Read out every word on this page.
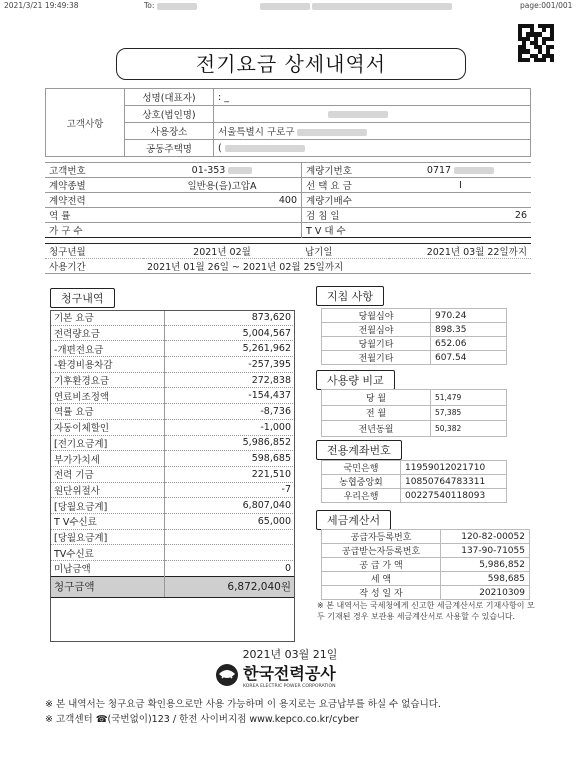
2021/3/21 19:49:38	To:
	page:001/001
전기요금 상세내역서
고객사항	성명(대표자)	: _
	상호(법인명)	
	사용장소	서울특별시 구로구
	공동주택명	(
고객번호	01-353	계량기번호	0717
계약종별	일반용(을)고압A	선 택 요 금	I
계약전력	400	계량기배수	
역 률		검 침 일	26
가 구 수		T V 대 수	
청구년월	2021년 02월	납기일	2021년 03월 22일까지
사용기간	2021년 01월 26일 ~ 2021년 02월 25일까지		
청구내역
기본 요금	873,620
전력량요금	5,004,567
-개편전요금	5,261,962
-환경비용차감	-257,395
기후환경요금	272,838
연료비조정액	-154,437
역률 요금	-8,736
자동이체할인	-1,000
[전기요금계]	5,986,852
부가가치세	598,685
전력 기금	221,510
원단위절사	-7
[당월요금계]	6,807,040
T V수신료	65,000
[당월요금계]	
TV수신료	
미납금액	0
청구금액	6,872,040원
지침 사항
당월심야	970.24
전월심야	898.35
당월기타	652.06
전월기타	607.54
사용량 비교
당 월	51,479
전 월	57,385
전년동월	50,382
전용계좌번호
국민은행	11959012021710
농협중앙회	10850764783311
우리은행	00227540118093
세금계산서
공급자등록번호	120-82-00052
공급받는자등록번호	137-90-71055
공 급 가 액	5,986,852
세 액	598,685
작 성 일 자	20210309
※ 본 내역서는 국세청에게 신고한 세금계산서로 기재사항이 모두 기재된 경우 보관용 세금계산서로 사용할 수 있습니다.
2021년 03월 21일
한국전력공사
KOREA ELECTRIC POWER CORPORATION
※ 본 내역서는 청구요금 확인용으로만 사용 가능하며 이 용지로는 요금납부를 하실 수 없습니다.
※ 고객센터 ☎(국번없이)123 / 한전 사이버지점 www.kepco.co.kr/cyber
